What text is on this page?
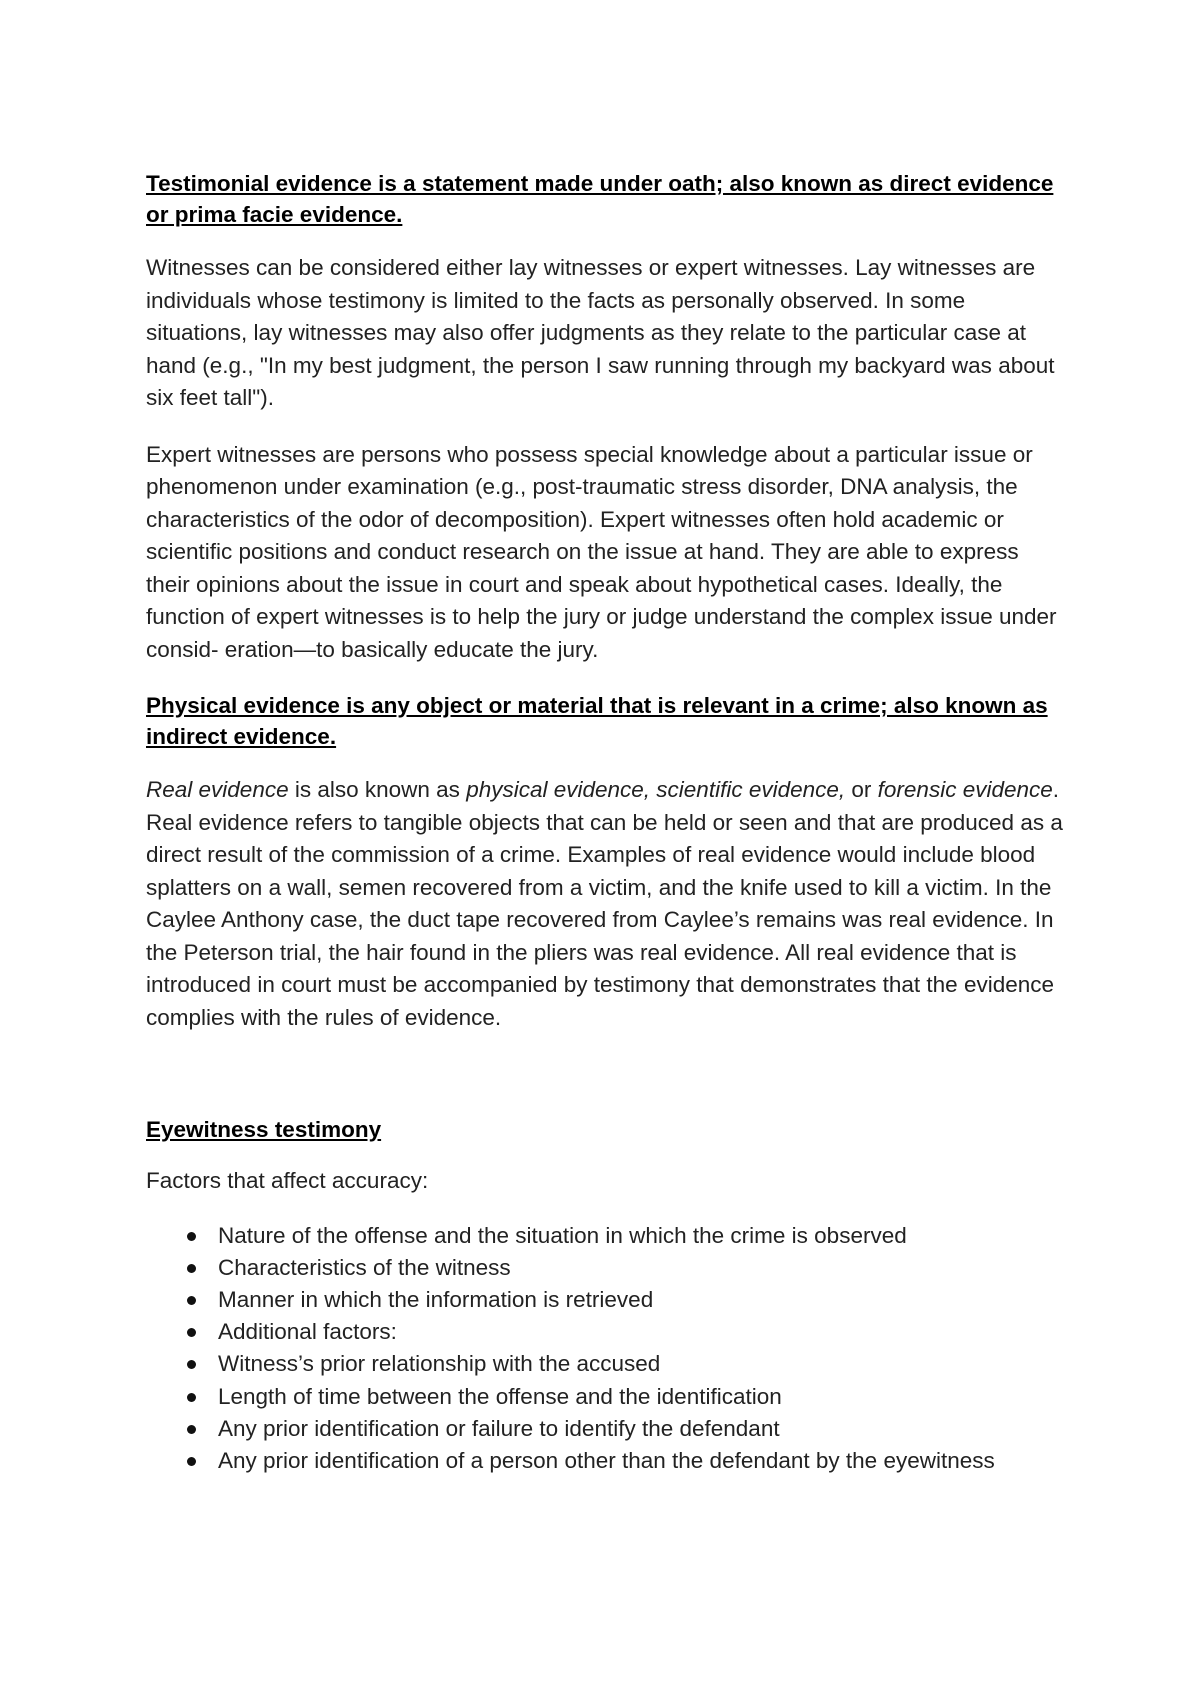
Testimonial evidence is a statement made under oath; also known as direct evidence or prima facie evidence.

Witnesses can be considered either lay witnesses or expert witnesses. Lay witnesses are individuals whose testimony is limited to the facts as personally observed. In some situations, lay witnesses may also offer judgments as they relate to the particular case at hand (e.g., "In my best judgment, the person I saw running through my backyard was about six feet tall").

Expert witnesses are persons who possess special knowledge about a particular issue or phenomenon under examination (e.g., post-traumatic stress disorder, DNA analysis, the characteristics of the odor of decomposition). Expert witnesses often hold academic or scientific positions and conduct research on the issue at hand. They are able to express their opinions about the issue in court and speak about hypothetical cases. Ideally, the function of expert witnesses is to help the jury or judge understand the complex issue under consid- eration—to basically educate the jury.

Physical evidence is any object or material that is relevant in a crime; also known as indirect evidence.

Real evidence is also known as physical evidence, scientific evidence, or forensic evidence. Real evidence refers to tangible objects that can be held or seen and that are produced as a direct result of the commission of a crime. Examples of real evidence would include blood splatters on a wall, semen recovered from a victim, and the knife used to kill a victim. In the Caylee Anthony case, the duct tape recovered from Caylee’s remains was real evidence. In the Peterson trial, the hair found in the pliers was real evidence. All real evidence that is introduced in court must be accompanied by testimony that demonstrates that the evidence complies with the rules of evidence.

Eyewitness testimony

Factors that affect accuracy:

Nature of the offense and the situation in which the crime is observed
Characteristics of the witness
Manner in which the information is retrieved
Additional factors:
Witness’s prior relationship with the accused
Length of time between the offense and the identification
Any prior identification or failure to identify the defendant
Any prior identification of a person other than the defendant by the eyewitness
